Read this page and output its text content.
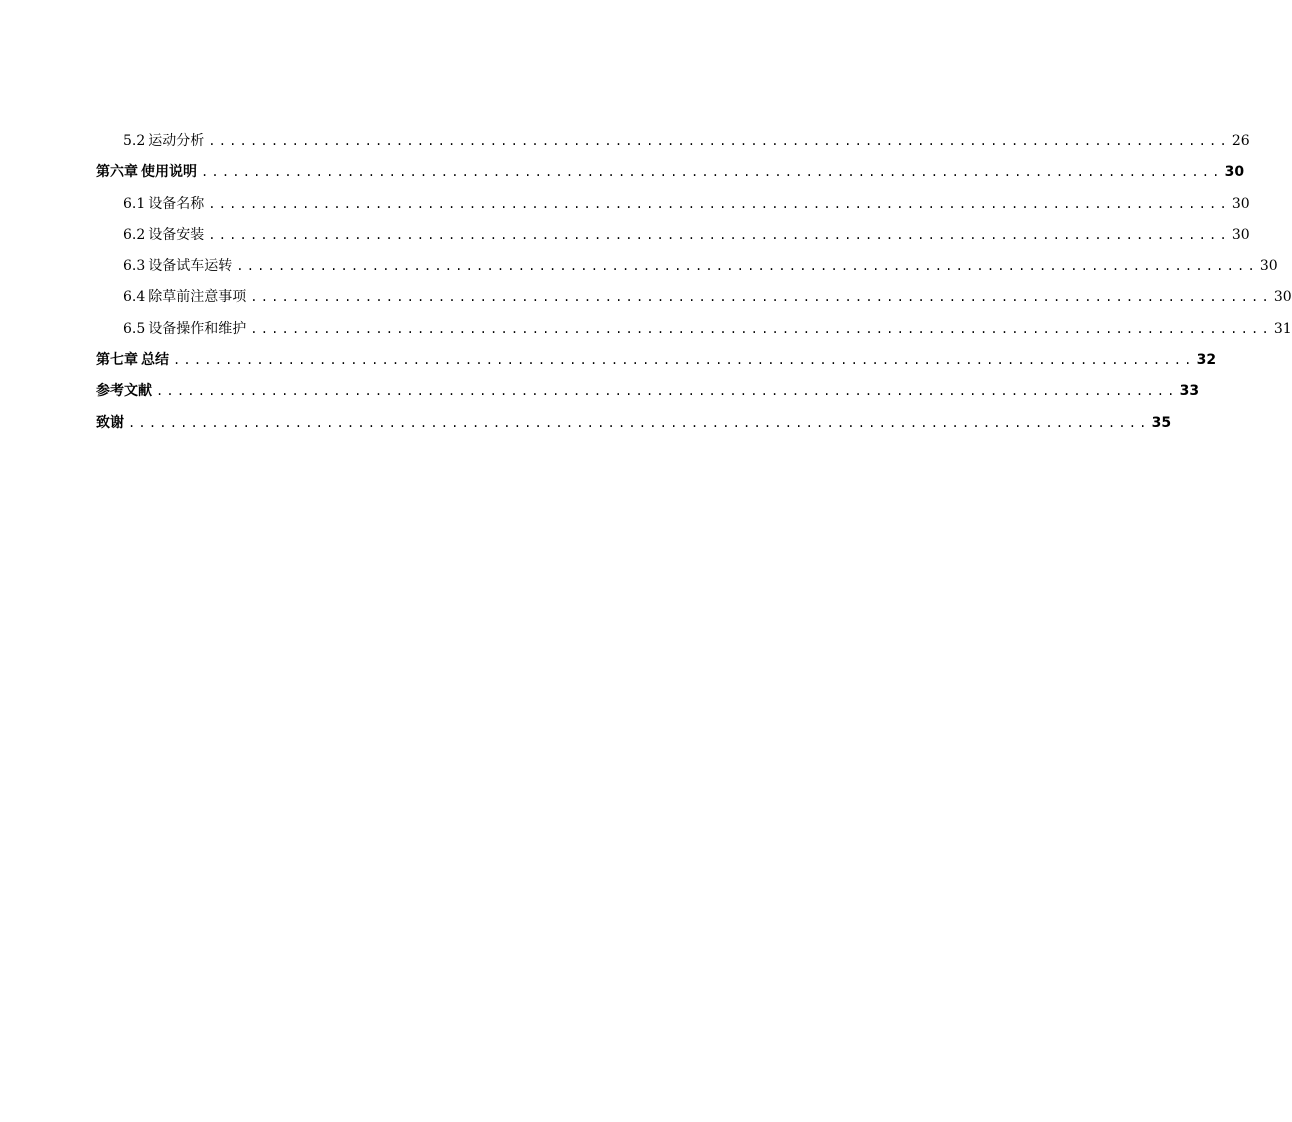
5.2 运动分析 .................................................................................................. 26
第六章 使用说明 .................................................................................................. 30
6.1 设备名称 .................................................................................................. 30
6.2 设备安装 .................................................................................................. 30
6.3 设备试车运转 .................................................................................................. 30
6.4 除草前注意事项 .................................................................................................. 30
6.5 设备操作和维护 .................................................................................................. 31
第七章 总结 .................................................................................................. 32
参考文献 .................................................................................................. 33
致谢 .................................................................................................. 35
